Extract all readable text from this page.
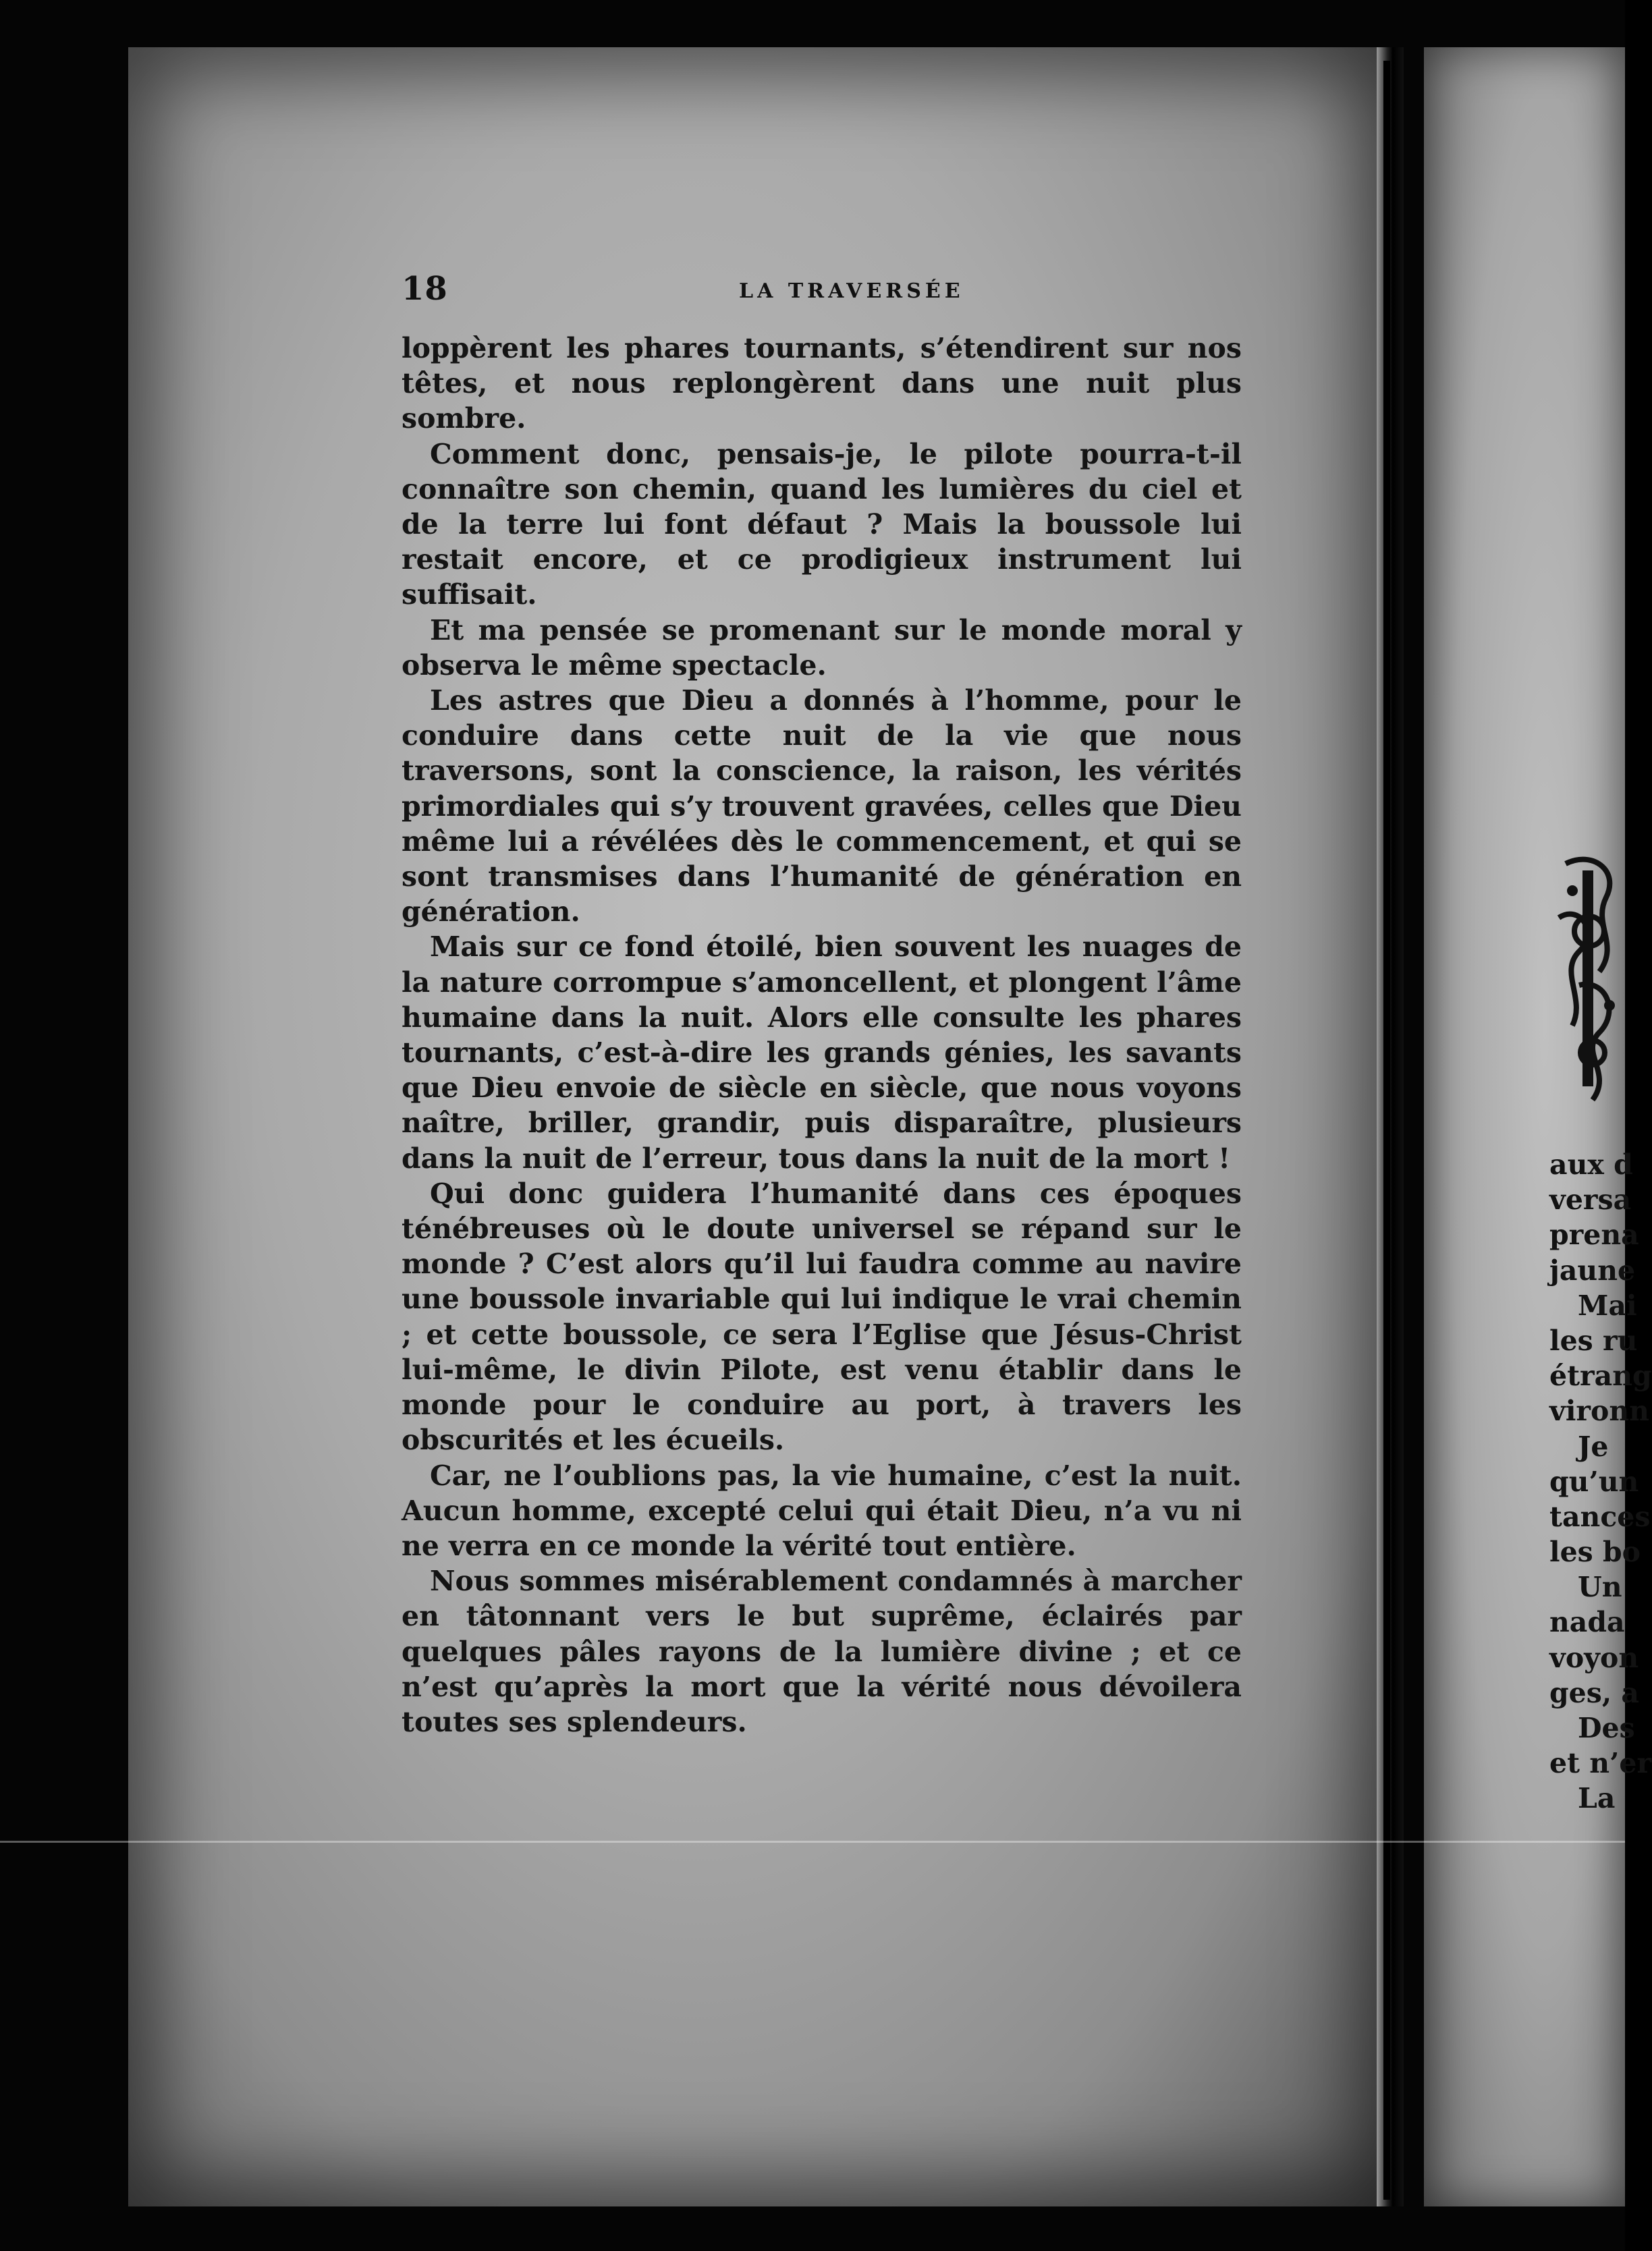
18	LA TRAVERSÉE

loppèrent les phares tournants, s’étendirent sur nos têtes, et nous replongèrent dans une nuit plus sombre.

Comment donc, pensais-je, le pilote pourra-t-il connaître son chemin, quand les lumières du ciel et de la terre lui font défaut ? Mais la boussole lui restait encore, et ce prodigieux instrument lui suffisait.

Et ma pensée se promenant sur le monde moral y observa le même spectacle.

Les astres que Dieu a donnés à l’homme, pour le conduire dans cette nuit de la vie que nous traversons, sont la conscience, la raison, les vérités primordiales qui s’y trouvent gravées, celles que Dieu même lui a révélées dès le commencement, et qui se sont transmises dans l’humanité de génération en génération.

Mais sur ce fond étoilé, bien souvent les nuages de la nature corrompue s’amoncellent, et plongent l’âme humaine dans la nuit. Alors elle consulte les phares tournants, c’est-à-dire les grands génies, les savants que Dieu envoie de siècle en siècle, que nous voyons naître, briller, grandir, puis disparaître, plusieurs dans la nuit de l’erreur, tous dans la nuit de la mort !

Qui donc guidera l’humanité dans ces époques ténébreuses où le doute universel se répand sur le monde ? C’est alors qu’il lui faudra comme au navire une boussole invariable qui lui indique le vrai chemin ; et cette boussole, ce sera l’Eglise que Jésus-Christ lui-même, le divin Pilote, est venu établir dans le monde pour le conduire au port, à travers les obscurités et les écueils.

Car, ne l’oublions pas, la vie humaine, c’est la nuit. Aucun homme, excepté celui qui était Dieu, n’a vu ni ne verra en ce monde la vérité tout entière.

Nous sommes misérablement condamnés à marcher en tâtonnant vers le but suprême, éclairés par quelques pâles rayons de la lumière divine ; et ce n’est qu’après la mort que la vérité nous dévoilera toutes ses splendeurs.

aux d
versa
prena
jaune
Mai
les ru
étrang
vironn
Je
qu’un
tances
les bo
Un
nada
voyon
ges, a
Des
et n’er
La
